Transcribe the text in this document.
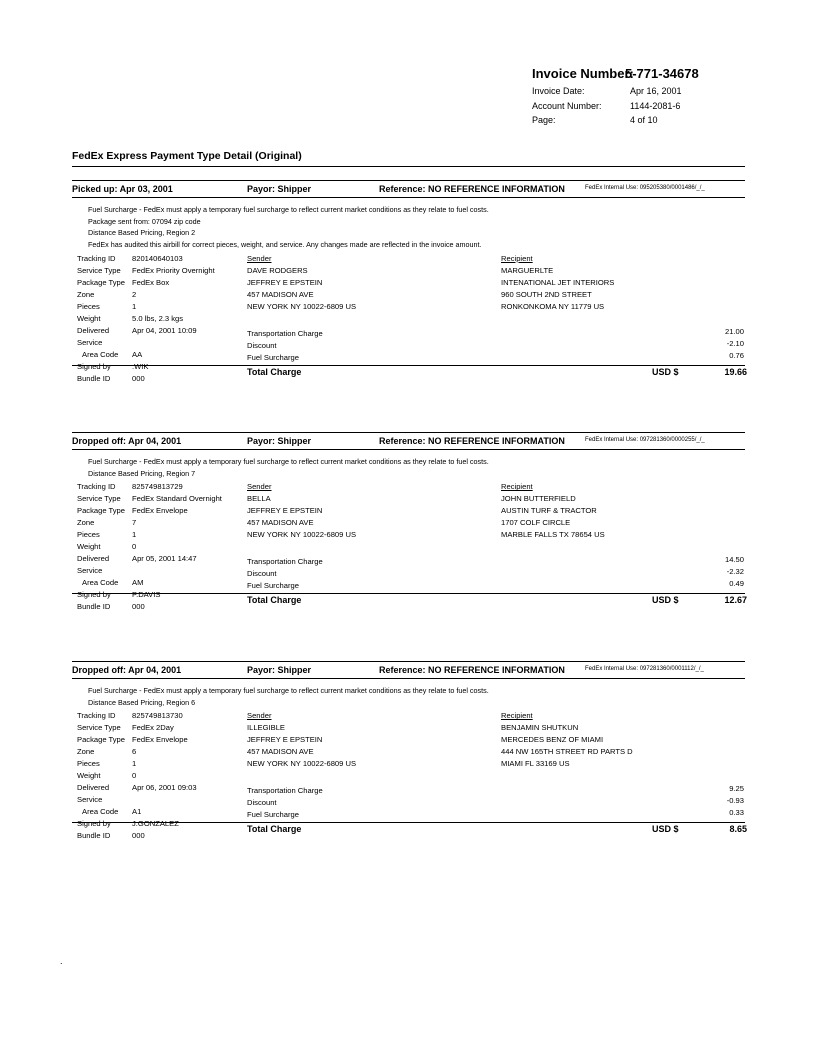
Invoice Number:
5-771-34678
Invoice Date:	Apr 16, 2001
Account Number:	1144-2081-6
Page:	4 of 10
FedEx Express Payment Type Detail (Original)
Picked up: Apr 03, 2001	Payor: Shipper	Reference: NO REFERENCE INFORMATION	FedEx Internal Use: 095205380/0001486/_/_
Fuel Surcharge - FedEx must apply a temporary fuel surcharge to reflect current market conditions as they relate to fuel costs.
Package sent from: 07094 zip code
Distance Based Pricing, Region 2
FedEx has audited this airbill for correct pieces, weight, and service. Any changes made are reflected in the invoice amount.
Tracking ID 820140640103
Service Type FedEx Priority Overnight
Package Type FedEx Box
Zone	2
Pieces	1
Weight	5.0 lbs, 2.3 kgs
Delivered	Apr 04, 2001 10:09
Service
Area Code AA
Signed by	.WIK
Bundle ID	000
Sender
DAVE RODGERS
JEFFREY E EPSTEIN
457 MADISON AVE
NEW YORK NY 10022-6809 US
Recipient
MARGUERLTE
INTENATIONAL JET INTERIORS
960 SOUTH 2ND STREET
RONKONKOMA NY 11779 US
Transportation Charge	21.00
Discount	-2.10
Fuel Surcharge	0.76
Total Charge	USD $	19.66
Dropped off: Apr 04, 2001	Payor: Shipper	Reference: NO REFERENCE INFORMATION	FedEx Internal Use: 097281360/0000255/_/_
Fuel Surcharge - FedEx must apply a temporary fuel surcharge to reflect current market conditions as they relate to fuel costs.
Distance Based Pricing, Region 7
Tracking ID 825749813729
Service Type FedEx Standard Overnight
Package Type FedEx Envelope
Zone	7
Pieces	1
Weight	0
Delivered	Apr 05, 2001 14:47
Service
Area Code AM
Signed by	P.DAVIS
Bundle ID	000
Sender
BELLA
JEFFREY E EPSTEIN
457 MADISON AVE
NEW YORK NY 10022-6809 US
Recipient
JOHN BUTTERFIELD
AUSTIN TURF & TRACTOR
1707 COLF CIRCLE
MARBLE FALLS TX 78654 US
Transportation Charge	14.50
Discount	-2.32
Fuel Surcharge	0.49
Total Charge	USD $	12.67
Dropped off: Apr 04, 2001	Payor: Shipper	Reference: NO REFERENCE INFORMATION	FedEx Internal Use: 097281360/0001112/_/_
Fuel Surcharge - FedEx must apply a temporary fuel surcharge to reflect current market conditions as they relate to fuel costs.
Distance Based Pricing, Region 6
Tracking ID 825749813730
Service Type FedEx 2Day
Package Type FedEx Envelope
Zone	6
Pieces	1
Weight	0
Delivered	Apr 06, 2001 09:03
Service
Area Code A1
Signed by	J.GONZALEZ
Bundle ID	000
Sender
ILLEGIBLE
JEFFREY E EPSTEIN
457 MADISON AVE
NEW YORK NY 10022-6809 US
Recipient
BENJAMIN SHUTKUN
MERCEDES BENZ OF MIAMI
444 NW 165TH STREET RD PARTS D
MIAMI FL 33169 US
Transportation Charge	9.25
Discount	-0.93
Fuel Surcharge	0.33
Total Charge	USD $	8.65
.
